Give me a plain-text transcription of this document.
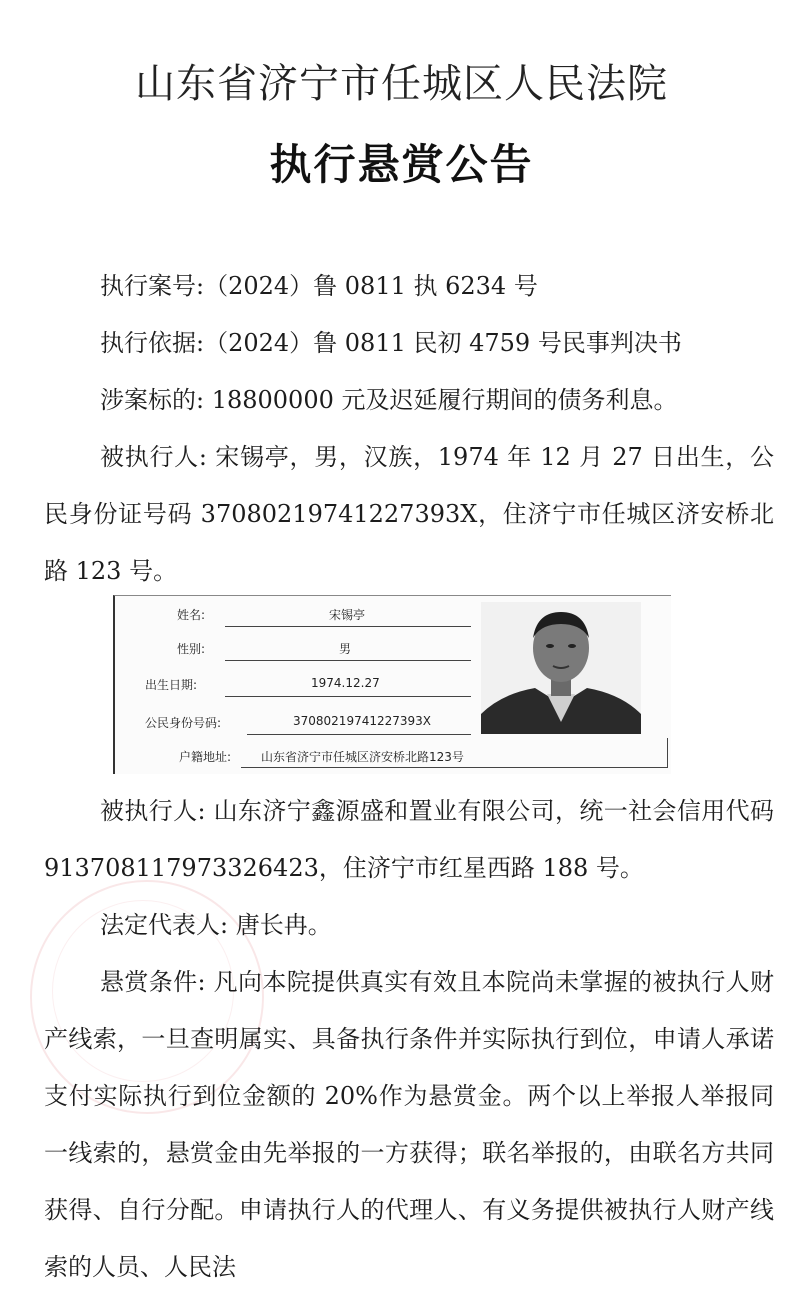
山东省济宁市任城区人民法院
执行悬赏公告
执行案号:（2024）鲁 0811 执 6234 号
执行依据:（2024）鲁 0811 民初 4759 号民事判决书
涉案标的: 18800000 元及迟延履行期间的债务利息。
被执行人: 宋锡亭，男，汉族，1974 年 12 月 27 日出生，公民身份证号码 37080219741227393X，住济宁市任城区济安桥北路 123 号。
姓名:	宋锡亭
性别:	男
出生日期:	1974.12.27
公民身份号码:	37080219741227393X
户籍地址: 山东省济宁市任城区济安桥北路123号
被执行人: 山东济宁鑫源盛和置业有限公司，统一社会信用代码 913708117973326423，住济宁市红星西路 188 号。
法定代表人: 唐长冉。
悬赏条件: 凡向本院提供真实有效且本院尚未掌握的被执行人财产线索，一旦查明属实、具备执行条件并实际执行到位，申请人承诺支付实际执行到位金额的 20%作为悬赏金。两个以上举报人举报同一线索的，悬赏金由先举报的一方获得；联名举报的，由联名方共同获得、自行分配。申请执行人的代理人、有义务提供被执行人财产线索的人员、人民法
